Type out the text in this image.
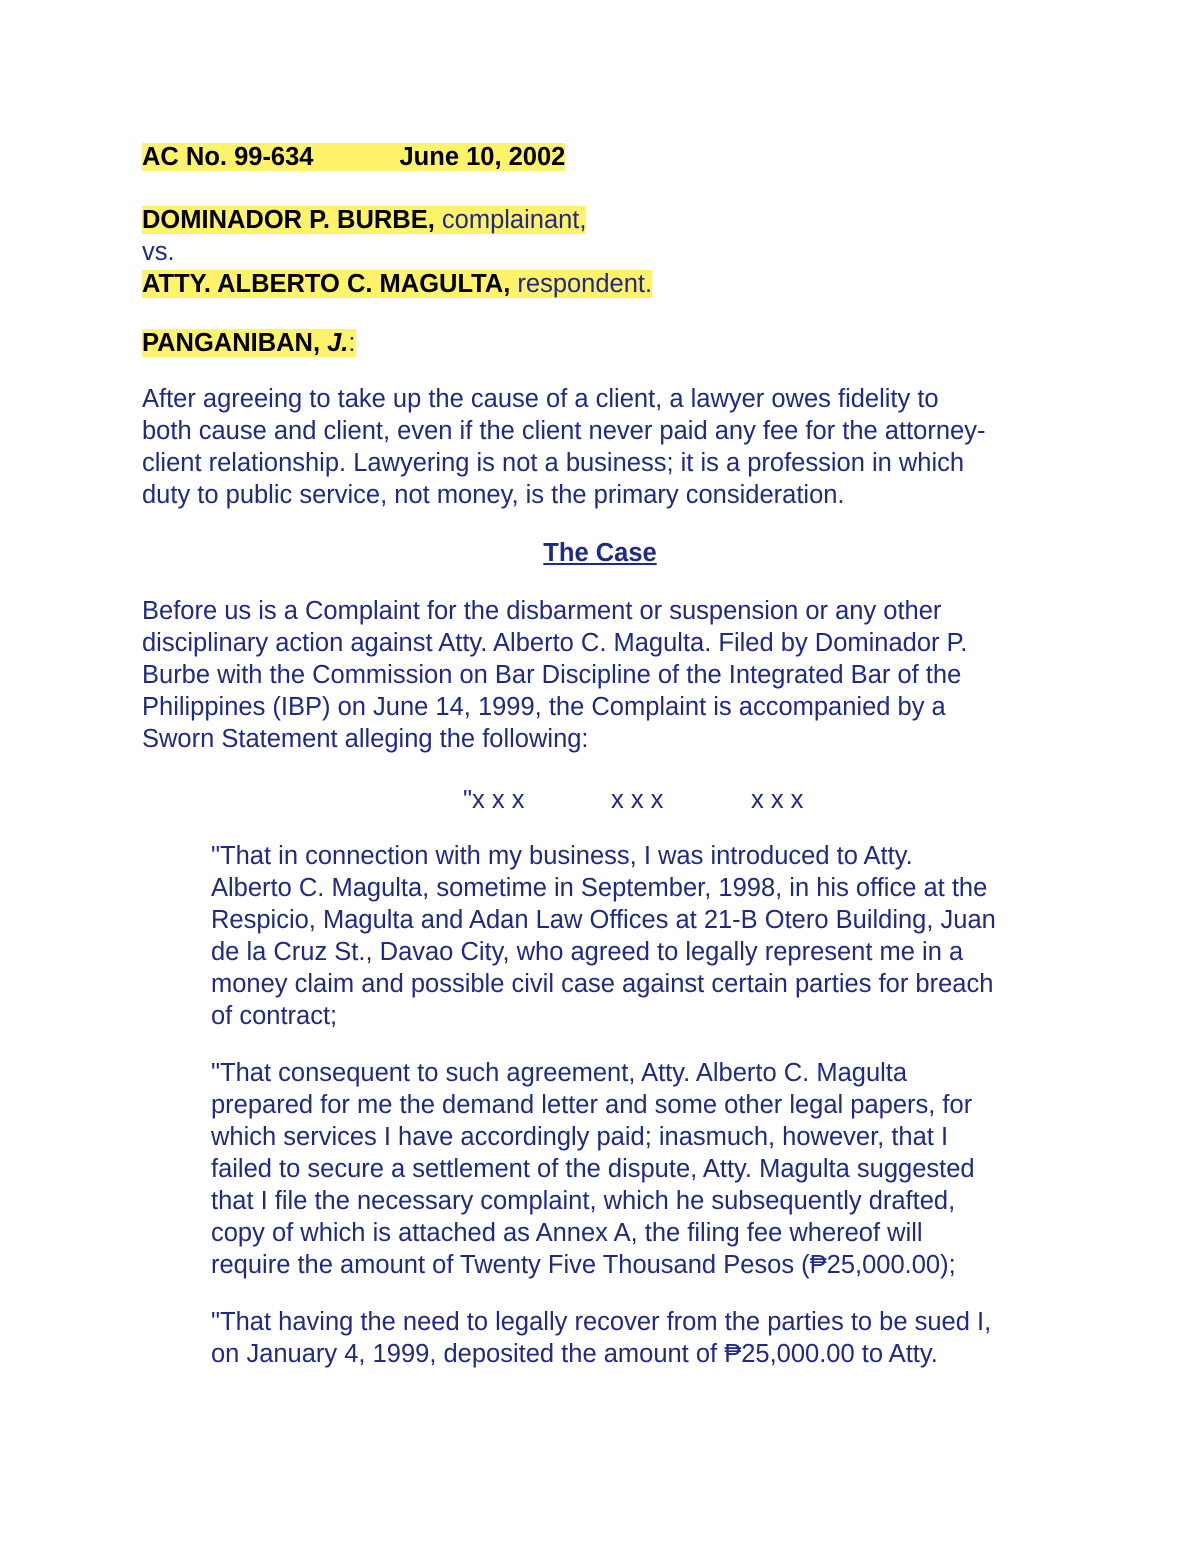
AC No. 99-634	June 10, 2002
DOMINADOR P. BURBE, complainant,
vs.
ATTY. ALBERTO C. MAGULTA, respondent.
PANGANIBAN, J.:
After agreeing to take up the cause of a client, a lawyer owes fidelity to
both cause and client, even if the client never paid any fee for the attorney-
client relationship. Lawyering is not a business; it is a profession in which
duty to public service, not money, is the primary consideration.
The Case
Before us is a Complaint for the disbarment or suspension or any other
disciplinary action against Atty. Alberto C. Magulta. Filed by Dominador P.
Burbe with the Commission on Bar Discipline of the Integrated Bar of the
Philippines (IBP) on June 14, 1999, the Complaint is accompanied by a
Sworn Statement alleging the following:
"x x x	x x x	x x x
"That in connection with my business, I was introduced to Atty.
Alberto C. Magulta, sometime in September, 1998, in his office at the
Respicio, Magulta and Adan Law Offices at 21-B Otero Building, Juan
de la Cruz St., Davao City, who agreed to legally represent me in a
money claim and possible civil case against certain parties for breach
of contract;
"That consequent to such agreement, Atty. Alberto C. Magulta
prepared for me the demand letter and some other legal papers, for
which services I have accordingly paid; inasmuch, however, that I
failed to secure a settlement of the dispute, Atty. Magulta suggested
that I file the necessary complaint, which he subsequently drafted,
copy of which is attached as Annex A, the filing fee whereof will
require the amount of Twenty Five Thousand Pesos (₱25,000.00);
"That having the need to legally recover from the parties to be sued I,
on January 4, 1999, deposited the amount of ₱25,000.00 to Atty.
